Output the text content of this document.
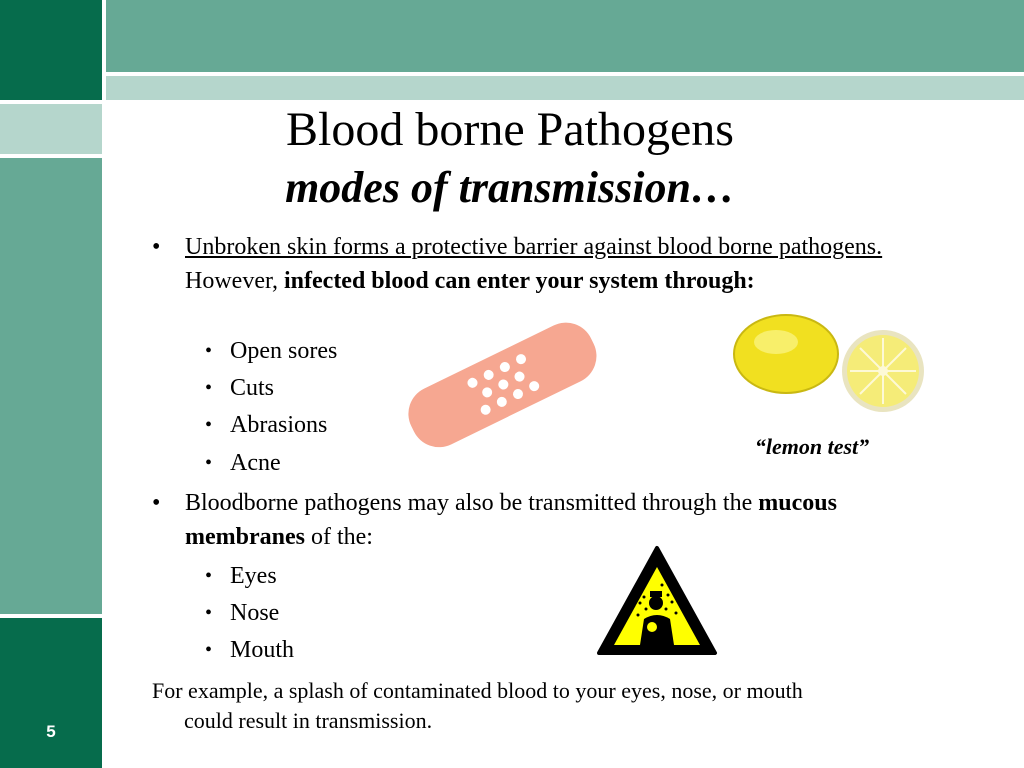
5
Blood borne Pathogens
modes of transmission…
• Unbroken skin forms a protective barrier against blood borne pathogens.  However, infected blood can enter your system through:
• Open sores
• Cuts
• Abrasions
• Acne
“lemon test”
• Bloodborne pathogens may also be transmitted through the mucous membranes of the:
• Eyes
• Nose
• Mouth
For example, a splash of contaminated blood to your eyes, nose, or mouth
could result in transmission.
